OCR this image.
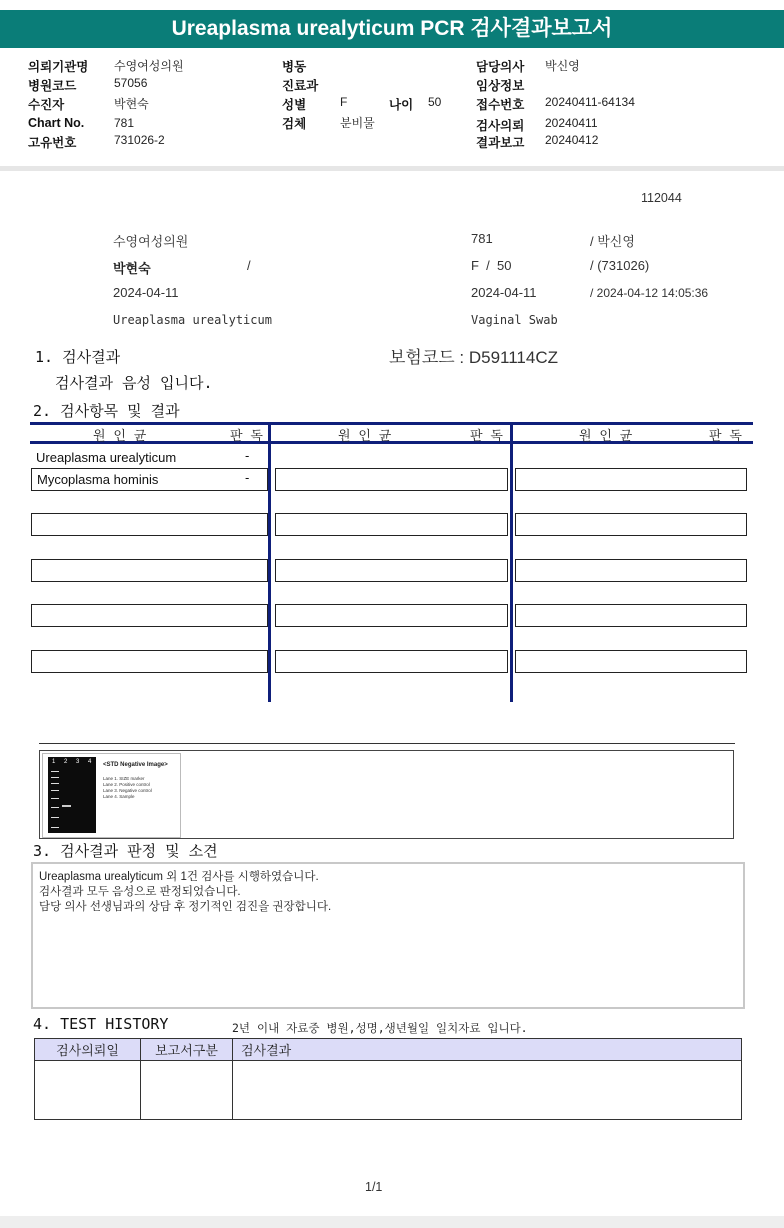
Ureaplasma urealyticum PCR 검사결과보고서
의뢰기관명 수영여성의원
병원코드	57056
수진자	박현숙
Chart No. 781
고유번호	731026-2
병동
진료과
성별	F	나이 50
검체	분비물
담당의사 박신영
임상정보
접수번호 20240411-64134
검사의뢰 20240411
결과보고 20240412
112044
수영여성의원	781	/ 박신영
박현숙	/	F  /  50	/ (731026)
2024-04-11	2024-04-11	/ 2024-04-12 14:05:36
Ureaplasma urealyticum	Vaginal Swab
1. 검사결과	보험코드 : D591114CZ
검사결과 음성 입니다.
2. 검사항목 및 결과
원 인 균	판 독	원 인 균	판 독	원 인 균	판 독
Ureaplasma urealyticum	-
Mycoplasma hominis	-
1 2 3 4 <STD Negative Image>
Lane 1. SIZE marker
Lane 2. Positive control
Lane 3. Negative control
Lane 4. Sample
3. 검사결과 판정 및 소견
Ureaplasma urealyticum 외 1건 검사를 시행하였습니다.
검사결과 모두 음성으로 판정되었습니다.
담당 의사 선생님과의 상담 후 정기적인 검진을 권장합니다.
4. TEST HISTORY	2년 이내 자료중 병원,성명,생년월일 일치자료 입니다.
검사의뢰일	보고서구분	검사결과

1/1
